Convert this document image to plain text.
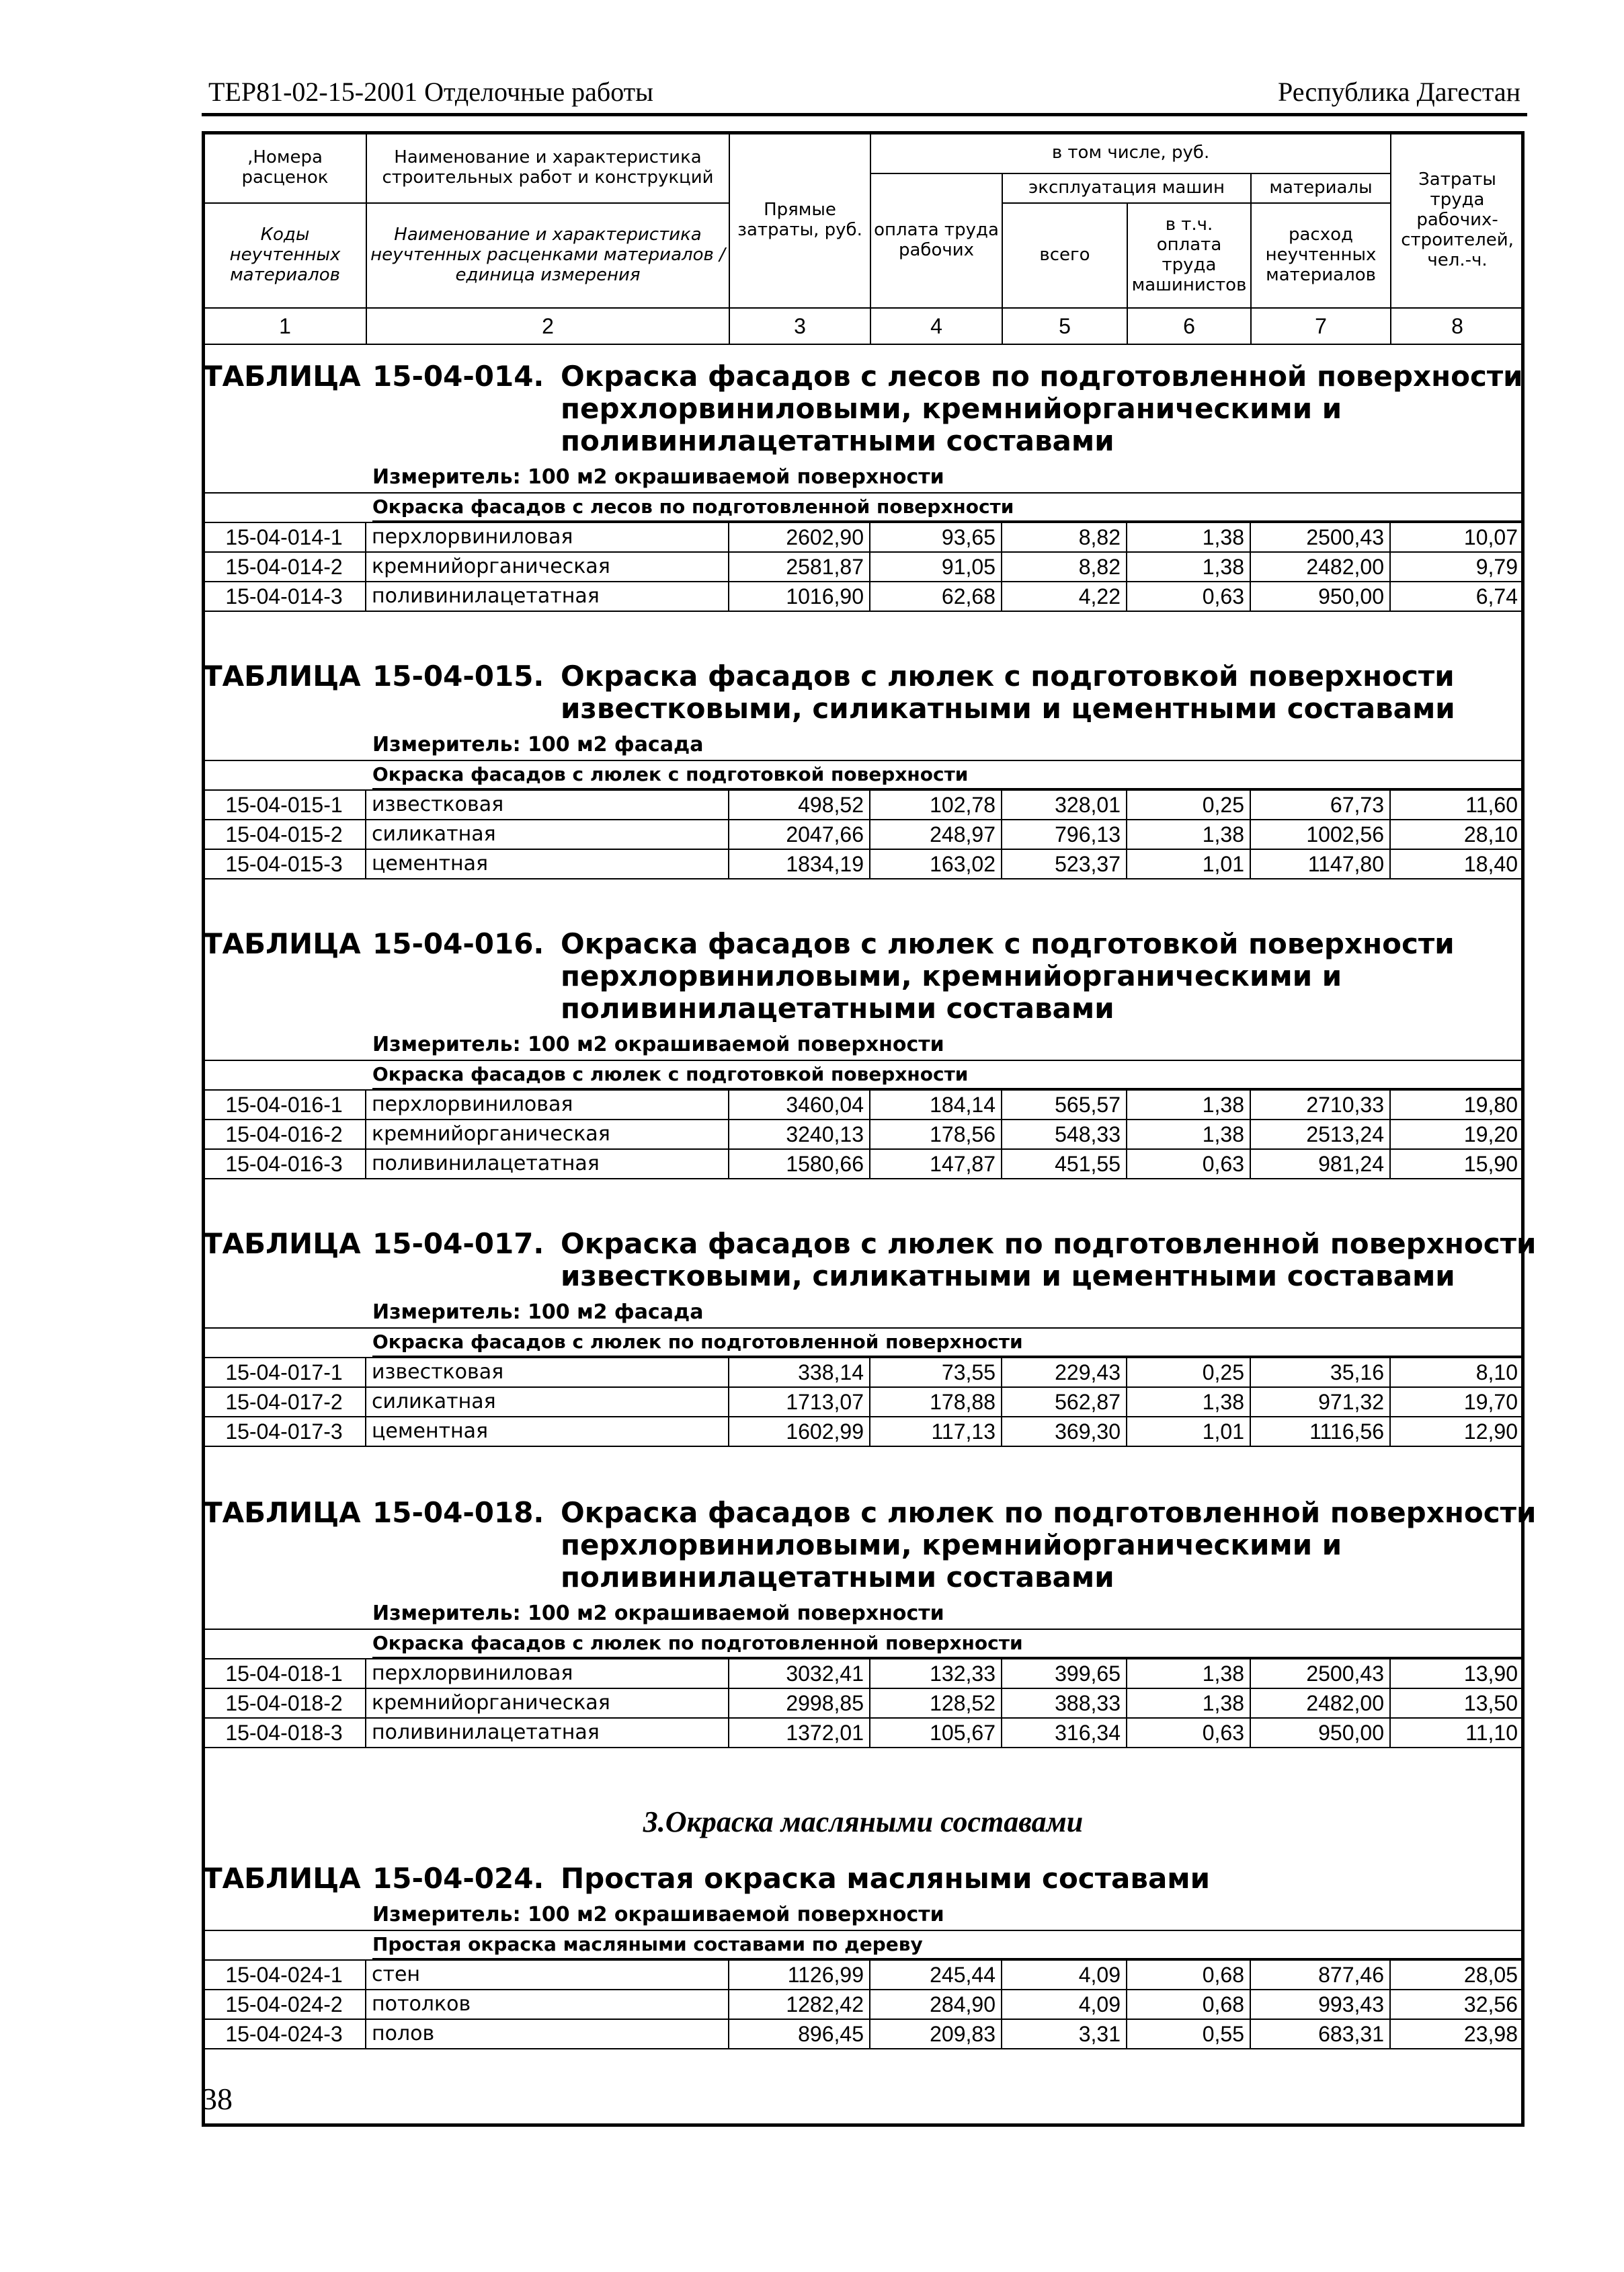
ТЕР81-02-15-2001 Отделочные работы	Республика Дагестан
,Номера расценок	Наименование и характеристика строительных работ и конструкций	Прямые затраты, руб.	в том числе, руб.				Затраты труда рабочих-строителей, чел.-ч.
			оплата труда рабочих	эксплуатация машин		материалы	
Коды неучтенных материалов	Наименование и характеристика неучтенных расценками материалов / единица измерения			всего	в т.ч. оплата труда машинистов	расход неучтенных материалов	

1	2	3	4	5	6	7	8
ТАБЛИЦА 15-04-014. Окраска фасадов с лесов по подготовленной поверхности
перхлорвиниловыми, кремнийорганическими и
поливинилацетатными составами
Измеритель: 100 м2 окрашиваемой поверхности
Окраска фасадов с лесов по подготовленной поверхности
15-04-014-1	перхлорвиниловая	2602,90	93,65	8,82	1,38	2500,43	10,07
15-04-014-2	кремнийорганическая	2581,87	91,05	8,82	1,38	2482,00	9,79
15-04-014-3	поливинилацетатная	1016,90	62,68	4,22	0,63	950,00	6,74
ТАБЛИЦА 15-04-015. Окраска фасадов с люлек с подготовкой поверхности
известковыми, силикатными и цементными составами
Измеритель: 100 м2 фасада
Окраска фасадов с люлек с подготовкой поверхности
15-04-015-1	известковая	498,52	102,78	328,01	0,25	67,73	11,60
15-04-015-2	силикатная	2047,66	248,97	796,13	1,38	1002,56	28,10
15-04-015-3	цементная	1834,19	163,02	523,37	1,01	1147,80	18,40
ТАБЛИЦА 15-04-016. Окраска фасадов с люлек с подготовкой поверхности
перхлорвиниловыми, кремнийорганическими и
поливинилацетатными составами
Измеритель: 100 м2 окрашиваемой поверхности
Окраска фасадов с люлек с подготовкой поверхности
15-04-016-1	перхлорвиниловая	3460,04	184,14	565,57	1,38	2710,33	19,80
15-04-016-2	кремнийорганическая	3240,13	178,56	548,33	1,38	2513,24	19,20
15-04-016-3	поливинилацетатная	1580,66	147,87	451,55	0,63	981,24	15,90
ТАБЛИЦА 15-04-017. Окраска фасадов с люлек по подготовленной поверхности
известковыми, силикатными и цементными составами
Измеритель: 100 м2 фасада
Окраска фасадов с люлек по подготовленной поверхности
15-04-017-1	известковая	338,14	73,55	229,43	0,25	35,16	8,10
15-04-017-2	силикатная	1713,07	178,88	562,87	1,38	971,32	19,70
15-04-017-3	цементная	1602,99	117,13	369,30	1,01	1116,56	12,90
ТАБЛИЦА 15-04-018. Окраска фасадов с люлек по подготовленной поверхности
перхлорвиниловыми, кремнийорганическими и
поливинилацетатными составами
Измеритель: 100 м2 окрашиваемой поверхности
Окраска фасадов с люлек по подготовленной поверхности
15-04-018-1	перхлорвиниловая	3032,41	132,33	399,65	1,38	2500,43	13,90
15-04-018-2	кремнийорганическая	2998,85	128,52	388,33	1,38	2482,00	13,50
15-04-018-3	поливинилацетатная	1372,01	105,67	316,34	0,63	950,00	11,10
3.Окраска масляными составами
ТАБЛИЦА 15-04-024. Простая окраска масляными составами
Измеритель: 100 м2 окрашиваемой поверхности
Простая окраска масляными составами по дереву
15-04-024-1	стен	1126,99	245,44	4,09	0,68	877,46	28,05
15-04-024-2	потолков	1282,42	284,90	4,09	0,68	993,43	32,56
15-04-024-3	полов	896,45	209,83	3,31	0,55	683,31	23,98
38
